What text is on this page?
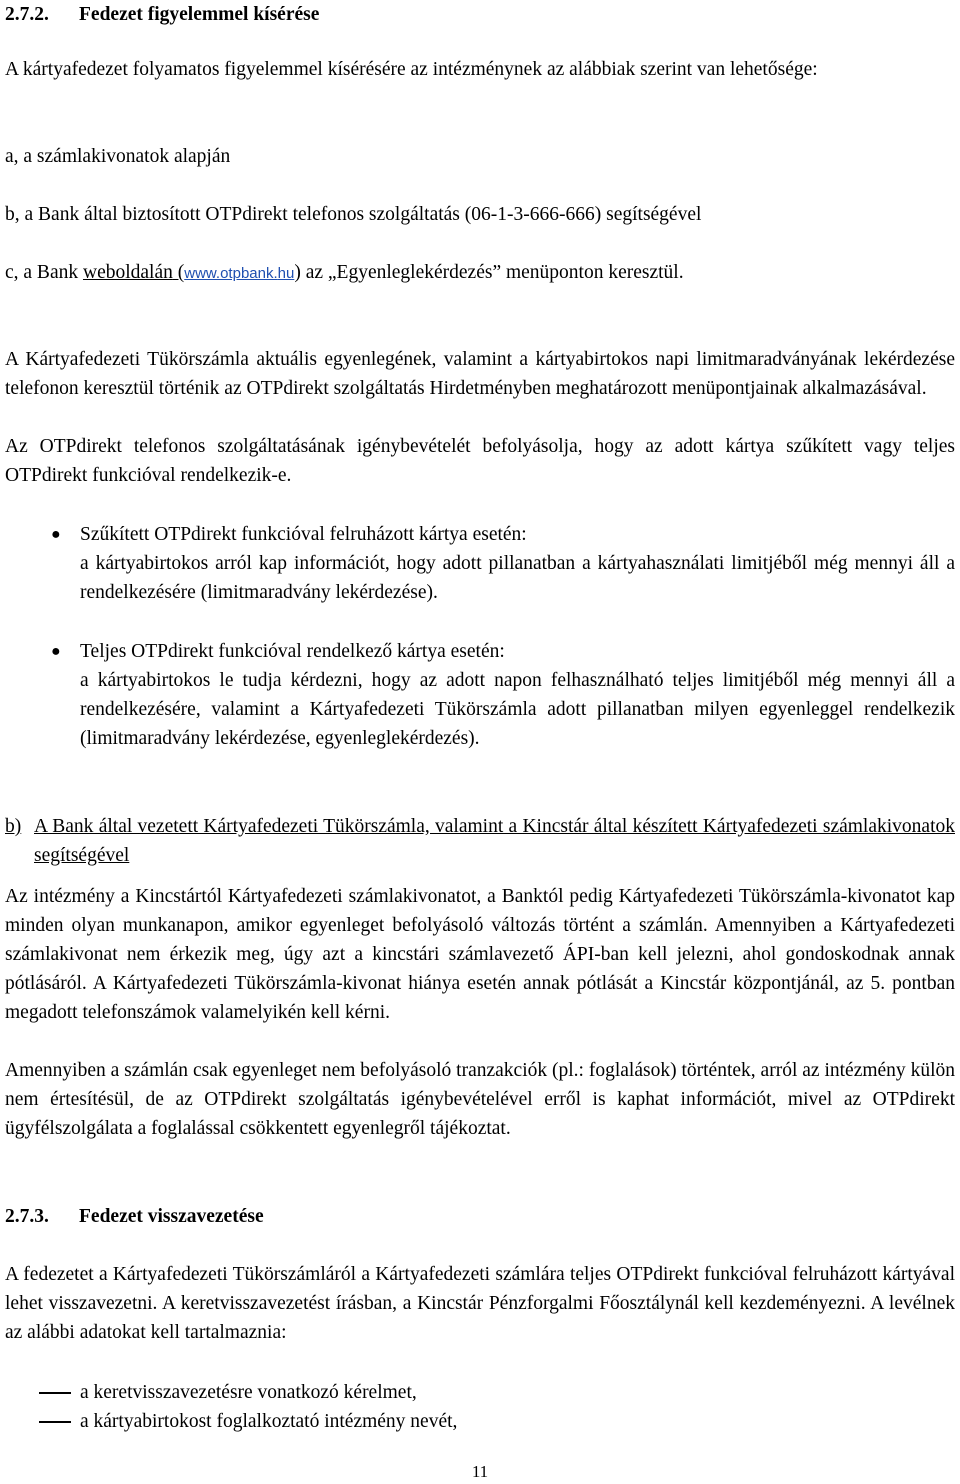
2.7.2. Fedezet figyelemmel kísérése

A kártyafedezet folyamatos figyelemmel kísérésére az intézménynek az alábbiak szerint van lehetősége:

a, a számlakivonatok alapján
b, a Bank által biztosított OTPdirekt telefonos szolgáltatás (06-1-3-666-666) segítségével
c, a Bank weboldalán (www.otpbank.hu) az „Egyenleglekérdezés” menüponton keresztül.

A Kártyafedezeti Tükörszámla aktuális egyenlegének, valamint a kártyabirtokos napi limitmaradványának lekérdezése telefonon keresztül történik az OTPdirekt szolgáltatás Hirdetményben meghatározott menüpontjainak alkalmazásával.

Az OTPdirekt telefonos szolgáltatásának igénybevételét befolyásolja, hogy az adott kártya szűkített vagy teljes OTPdirekt funkcióval rendelkezik-e.

● Szűkített OTPdirekt funkcióval felruházott kártya esetén:

a kártyabirtokos arról kap információt, hogy adott pillanatban a kártyahasználati limitjéből még mennyi áll a rendelkezésére (limitmaradvány lekérdezése).

● Teljes OTPdirekt funkcióval rendelkező kártya esetén:

a kártyabirtokos le tudja kérdezni, hogy az adott napon felhasználható teljes limitjéből még mennyi áll a rendelkezésére, valamint a Kártyafedezeti Tükörszámla adott pillanatban milyen egyenleggel rendelkezik (limitmaradvány lekérdezése, egyenleglekérdezés).

b) A Bank által vezetett Kártyafedezeti Tükörszámla, valamint a Kincstár által készített Kártyafedezeti számlakivonatok segítségével

Az intézmény a Kincstártól Kártyafedezeti számlakivonatot, a Banktól pedig Kártyafedezeti Tükörszámla-kivonatot kap minden olyan munkanapon, amikor egyenleget befolyásoló változás történt a számlán. Amennyiben a Kártyafedezeti számlakivonat nem érkezik meg, úgy azt a kincstári számlavezető ÁPI-ban kell jelezni, ahol gondoskodnak annak pótlásáról. A Kártyafedezeti Tükörszámla-kivonat hiánya esetén annak pótlását a Kincstár központjánál, az 5. pontban megadott telefonszámok valamelyikén kell kérni.

Amennyiben a számlán csak egyenleget nem befolyásoló tranzakciók (pl.: foglalások) történtek, arról az intézmény külön nem értesítésül, de az OTPdirekt szolgáltatás igénybevételével erről is kaphat információt, mivel az OTPdirekt ügyfélszolgálata a foglalással csökkentett egyenlegről tájékoztat.

2.7.3. Fedezet visszavezetése

A fedezetet a Kártyafedezeti Tükörszámláról a Kártyafedezeti számlára teljes OTPdirekt funkcióval felruházott kártyával lehet visszavezetni. A keretvisszavezetést írásban, a Kincstár Pénzforgalmi Főosztálynál kell kezdeményezni. A levélnek az alábbi adatokat kell tartalmaznia:

a keretvisszavezetésre vonatkozó kérelmet,
a kártyabirtokost foglalkoztató intézmény nevét,
11
